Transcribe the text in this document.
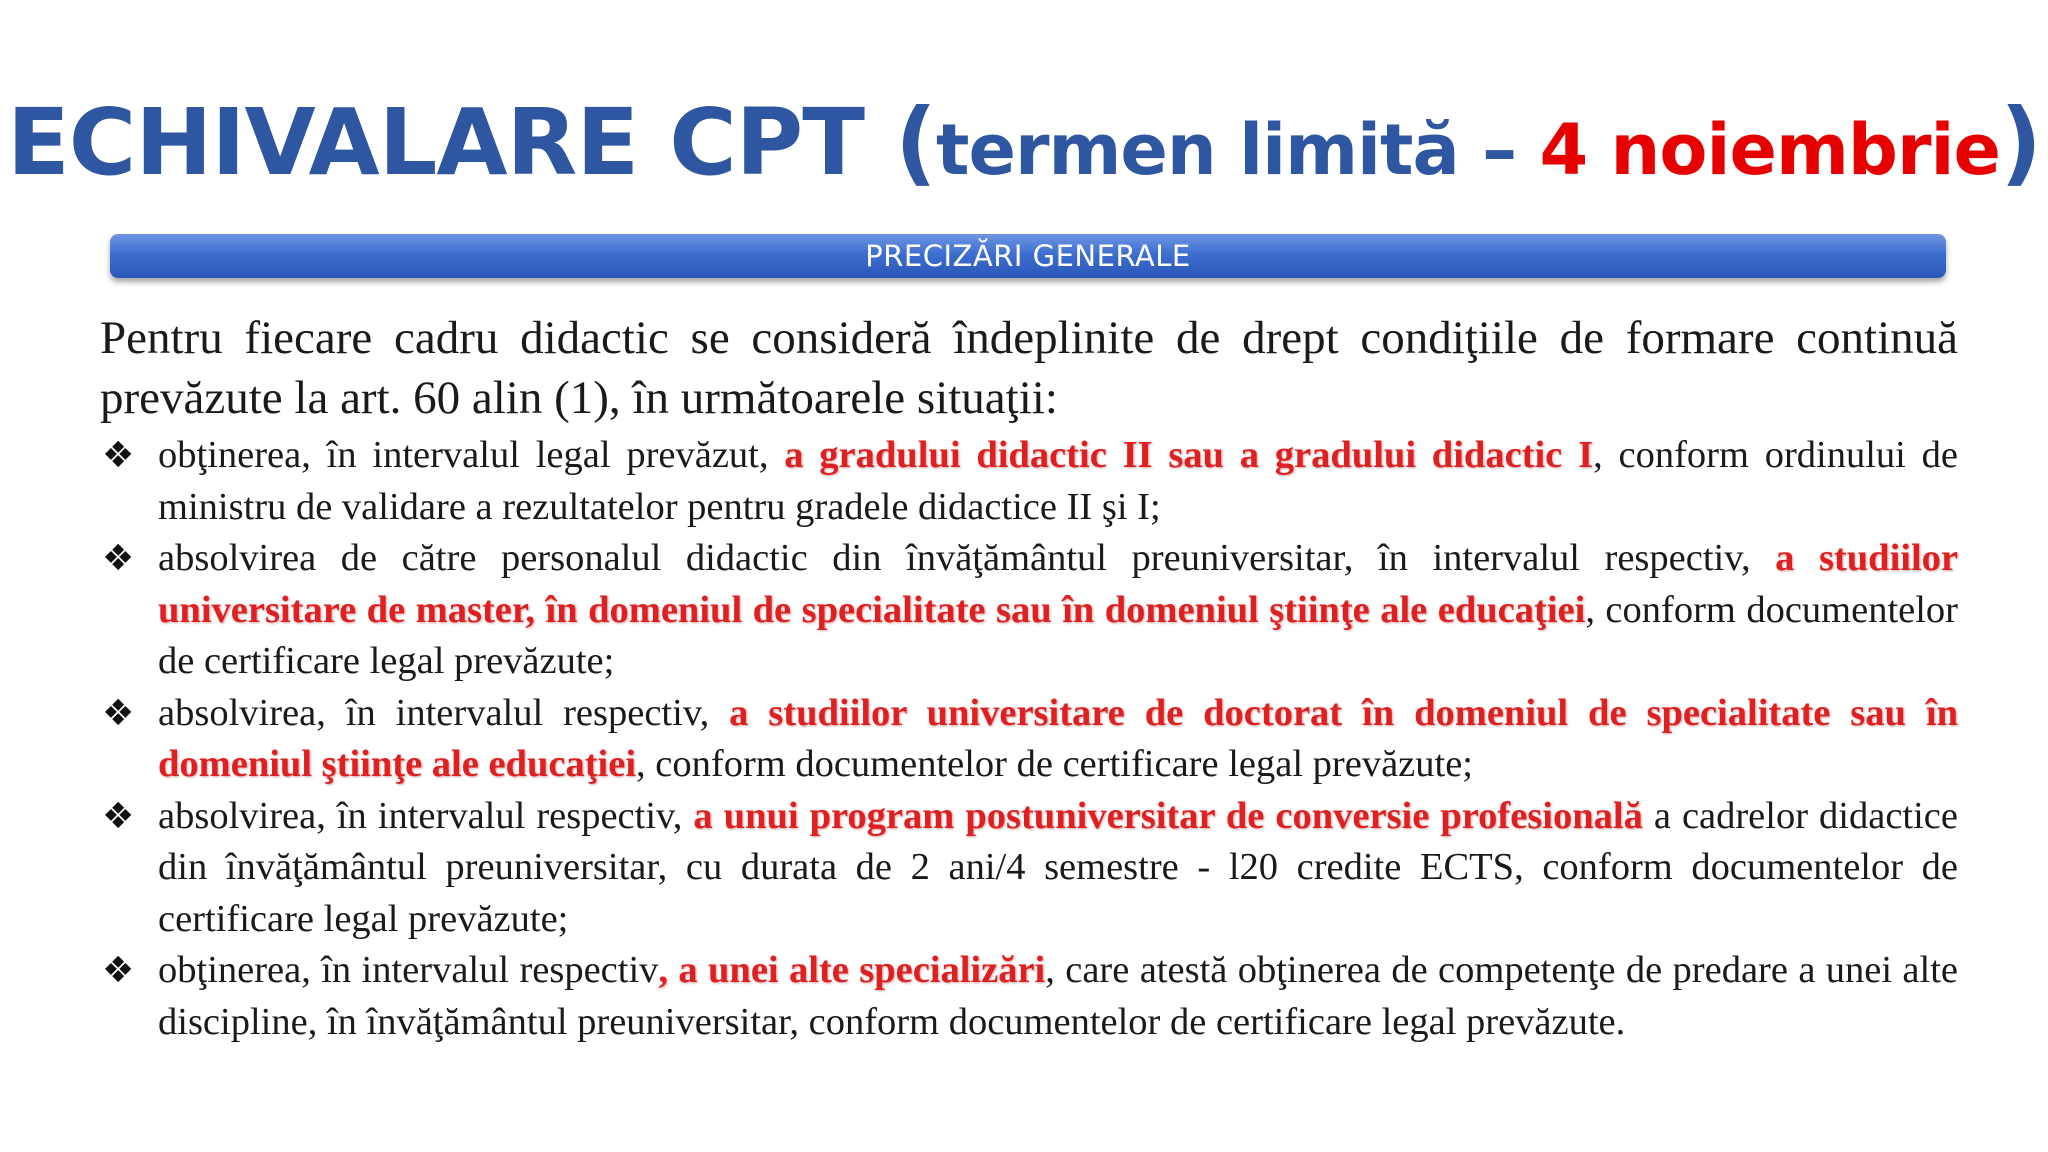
ECHIVALARE CPT (termen limită – 4 noiembrie)
PRECIZĂRI GENERALE

Pentru fiecare cadru didactic se consideră îndeplinite de drept condiţiile de formare continuă prevăzute la art. 60 alin (1), în următoarele situaţii:

❖ obţinerea, în intervalul legal prevăzut, a gradului didactic II sau a gradului didactic I, conform ordinului de ministru de validare a rezultatelor pentru gradele didactice II şi I;
❖ absolvirea de către personalul didactic din învăţământul preuniversitar, în intervalul respectiv, a studiilor universitare de master, în domeniul de specialitate sau în domeniul ştiinţe ale educaţiei, conform documentelor de certificare legal prevăzute;
❖ absolvirea, în intervalul respectiv, a studiilor universitare de doctorat în domeniul de specialitate sau în domeniul ştiinţe ale educaţiei, conform documentelor de certificare legal prevăzute;
❖ absolvirea, în intervalul respectiv, a unui program postuniversitar de conversie profesională a cadrelor didactice din învăţământul preuniversitar, cu durata de 2 ani/4 semestre - l20 credite ECTS, conform documentelor de certificare legal prevăzute;
❖ obţinerea, în intervalul respectiv, a unei alte specializări, care atestă obţinerea de competenţe de predare a unei alte discipline, în învăţământul preuniversitar, conform documentelor de certificare legal prevăzute.
